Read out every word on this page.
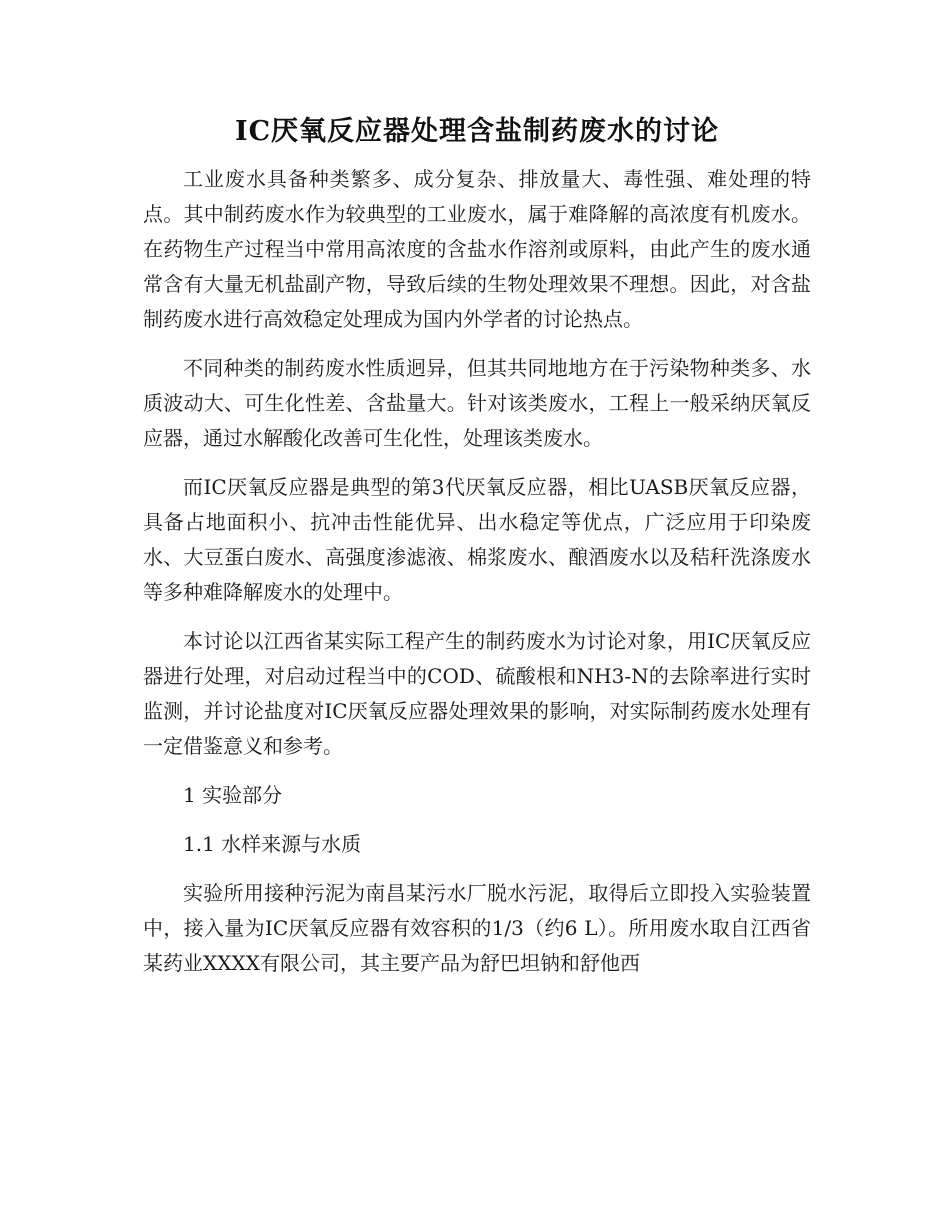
IC厌氧反应器处理含盐制药废水的讨论

工业废水具备种类繁多、成分复杂、排放量大、毒性强、难处理的特点。其中制药废水作为较典型的工业废水，属于难降解的高浓度有机废水。在药物生产过程当中常用高浓度的含盐水作溶剂或原料，由此产生的废水通常含有大量无机盐副产物，导致后续的生物处理效果不理想。因此，对含盐制药废水进行高效稳定处理成为国内外学者的讨论热点。

不同种类的制药废水性质迥异，但其共同地地方在于污染物种类多、水质波动大、可生化性差、含盐量大。针对该类废水，工程上一般采纳厌氧反应器，通过水解酸化改善可生化性，处理该类废水。

而IC厌氧反应器是典型的第3代厌氧反应器，相比UASB厌氧反应器，具备占地面积小、抗冲击性能优异、出水稳定等优点，广泛应用于印染废水、大豆蛋白废水、高强度渗滤液、棉浆废水、酿酒废水以及秸秆洗涤废水等多种难降解废水的处理中。

本讨论以江西省某实际工程产生的制药废水为讨论对象，用IC厌氧反应器进行处理，对启动过程当中的COD、硫酸根和NH3-N的去除率进行实时监测，并讨论盐度对IC厌氧反应器处理效果的影响，对实际制药废水处理有一定借鉴意义和参考。

1 实验部分

1.1 水样来源与水质

实验所用接种污泥为南昌某污水厂脱水污泥，取得后立即投入实验装置中，接入量为IC厌氧反应器有效容积的1/3（约6 L）。所用废水取自江西省某药业XXXX有限公司，其主要产品为舒巴坦钠和舒他西
